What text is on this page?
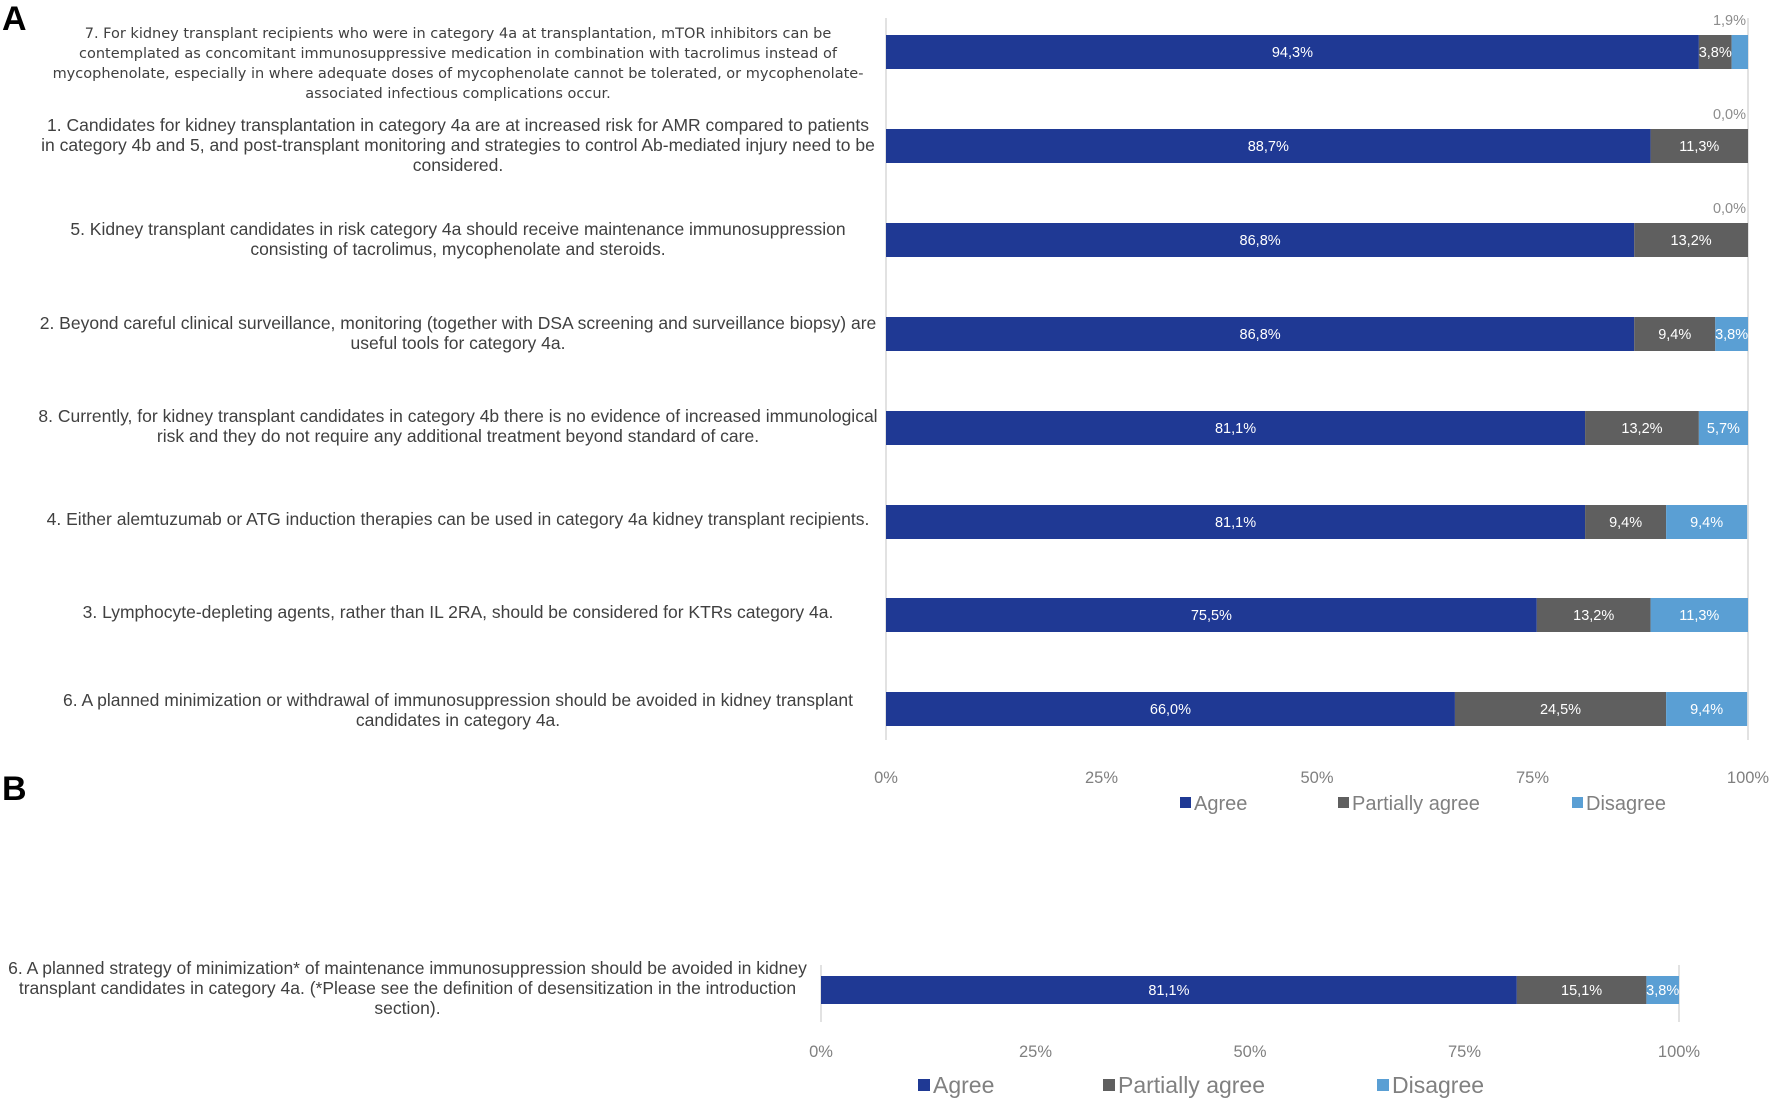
A
B
7. For kidney transplant recipients who were in category 4a at transplantation, mTOR inhibitors can be contemplated as concomitant immunosuppressive medication in combination with tacrolimus instead of mycophenolate, especially in where adequate doses of mycophenolate cannot be tolerated, or mycophenolate-associated infectious complications occur.
1. Candidates for kidney transplantation in category 4a are at increased risk for AMR compared to patients in category 4b and 5, and post-transplant monitoring and strategies to control Ab-mediated injury need to be considered.
5. Kidney transplant candidates in risk category 4a should receive maintenance immunosuppression consisting of tacrolimus, mycophenolate and steroids.
2. Beyond careful clinical surveillance, monitoring (together with DSA screening and surveillance biopsy) are useful tools for category 4a.
8. Currently, for kidney transplant candidates in category 4b there is no evidence of increased immunological risk and they do not require any additional treatment beyond standard of care.
4. Either alemtuzumab or ATG induction therapies can be used in category 4a kidney transplant recipients.
3. Lymphocyte-depleting agents, rather than IL 2RA, should be considered for KTRs category 4a.
6. A planned minimization or withdrawal of immunosuppression should be avoided in kidney transplant candidates in category 4a.
6. A planned strategy of minimization* of maintenance immunosuppression should be avoided in kidney transplant candidates in category 4a. (*Please see the definition of desensitization in the introduction section).
94,3%	3,8%
1,9%
88,7%	11,3%
0,0%
86,8%	13,2%
0,0%
86,8%	9,4% 3,8%
81,1%	13,2%	5,7%
81,1%	9,4%	9,4%
75,5%	13,2%	11,3%
66,0%	24,5%	9,4%
0%	25%	50%	75%	100%
Agree	Partially agree	Disagree
81,1%	15,1%	3,8%
0%	25%	50%	75%	100%
Agree	Partially agree	Disagree
